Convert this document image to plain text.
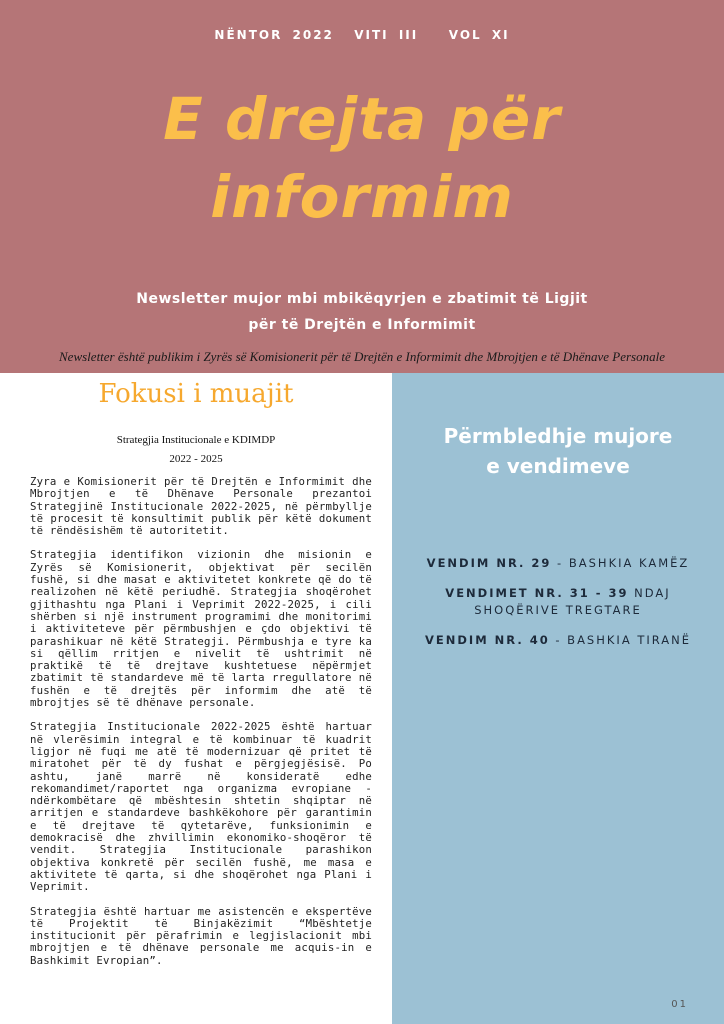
NËNTOR 2022  VITI III   VOL XI
E drejta për
informim
Newsletter mujor mbi mbikëqyrjen e zbatimit të Ligjit
për të Drejtën e Informimit
Newsletter është publikim i Zyrës së Komisionerit për të Drejtën e Informimit dhe Mbrojtjen e të Dhënave Personale
Fokusi i muajit
Strategjia Institucionale e KDIMDP
2022 - 2025

Zyra e Komisionerit për të Drejtën e Informimit dhe Mbrojtjen e të Dhënave Personale prezantoi Strategjinë Institucionale 2022-2025, në përmbyllje të procesit të konsultimit publik për këtë dokument të rëndësishëm të autoritetit.

Strategjia identifikon vizionin dhe misionin e Zyrës së Komisionerit, objektivat për secilën fushë, si dhe masat e aktivitetet konkrete që do të realizohen në këtë periudhë. Strategjia shoqërohet gjithashtu nga Plani i Veprimit 2022-2025, i cili shërben si një instrument programimi dhe monitorimi i aktiviteteve për përmbushjen e çdo objektivi të parashikuar në këtë Strategji. Përmbushja e tyre ka si qëllim rritjen e nivelit të ushtrimit në praktikë të të drejtave kushtetuese nëpërmjet zbatimit të standardeve më të larta rregullatore në fushën e të drejtës për informim dhe atë të mbrojtjes së të dhënave personale.

Strategjia Institucionale 2022-2025 është hartuar në vlerësimin integral e të kombinuar të kuadrit ligjor në fuqi me atë të modernizuar që pritet të miratohet për të dy fushat e përgjegjësisë. Po ashtu, janë marrë në konsideratë edhe rekomandimet/raportet nga organizma evropiane - ndërkombëtare që mbështesin shtetin shqiptar në arritjen e standardeve bashkëkohore për garantimin e të drejtave të qytetarëve, funksionimin e demokracisë dhe zhvillimin ekonomiko-shoqëror të vendit. Strategjia Institucionale parashikon objektiva konkretë për secilën fushë, me masa e aktivitete të qarta, si dhe shoqërohet nga Plani i Veprimit.

Strategjia është hartuar me asistencën e ekspertëve të Projektit të Binjakëzimit “Mbështetje institucionit për përafrimin e legjislacionit mbi mbrojtjen e të dhënave personale me acquis-in e Bashkimit Evropian”.

Përmbledhje mujore
e vendimeve
VENDIM NR. 29 - BASHKIA KAMËZ
VENDIMET NR. 31 - 39 NDAJ SHOQËRIVE TREGTARE
VENDIM NR. 40 - BASHKIA TIRANË
01
